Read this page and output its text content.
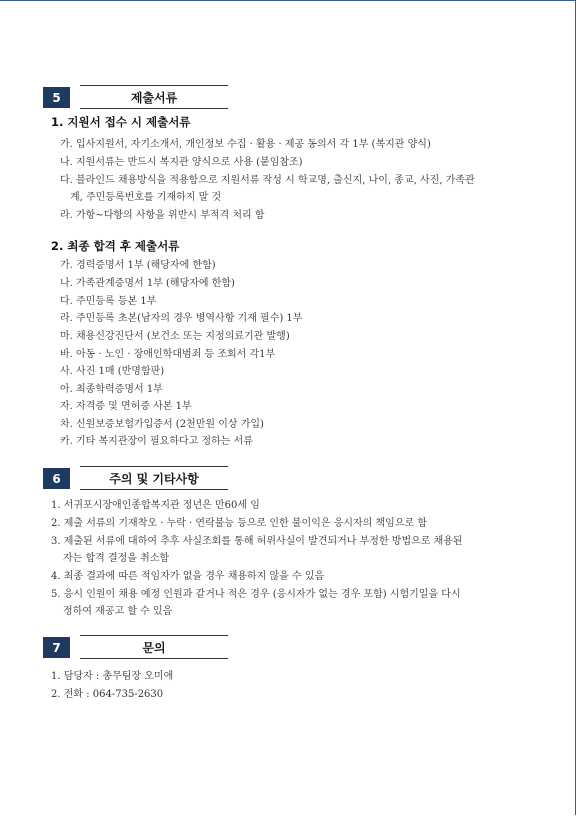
5	제출서류
1. 지원서 접수 시 제출서류
가. 입사지원서, 자기소개서, 개인정보 수집 · 활용 · 제공 동의서 각 1부 (복지관 양식)
나. 지원서류는 반드시 복지관 양식으로 사용 (붙임참조)
다. 블라인드 채용방식을 적용함으로 지원서류 작성 시 학교명, 출신지, 나이, 종교, 사진, 가족관
계, 주민등록번호를 기재하지 말 것
라. 가항~다항의 사항을 위반시 부적격 처리 함
2. 최종 합격 후 제출서류
가. 경력증명서 1부 (해당자에 한함)
나. 가족관계증명서 1부 (해당자에 한함)
다. 주민등록 등본 1부
라. 주민등록 초본(남자의 경우 병역사항 기재 필수) 1부
마. 채용신강진단서 (보건소 또는 지정의료기관 발행)
바. 아동 · 노인 · 장애인학대범죄 등 조회서 각1부
사. 사진 1매 (반명함판)
아. 최종학력증명서 1부
자. 자격증 및 면허증 사본 1부
차. 신원보증보험가입증서 (2천만원 이상 가입)
카. 기타 복지관장이 필요하다고 정하는 서류
6	주의 및 기타사항
1. 서귀포시장애인종합복지관 정년은 만60세 임
2. 제출 서류의 기재착오 · 누락 · 연락불능 등으로 인한 불이익은 응시자의 책임으로 함
3. 제출된 서류에 대하여 추후 사실조회를 통해 허위사실이 발견되거나 부정한 방법으로 채용된
자는 합격 결정을 취소함
4. 최종 결과에 따른 적임자가 없을 경우 채용하지 않을 수 있음
5. 응시 인원이 채용 예정 인원과 같거나 적은 경우 (응시자가 없는 경우 포함) 시험기일을 다시
정하여 재공고 할 수 있음
7	문의
1. 담당자 : 총무팀장 오미애
2. 전화 : 064-735-2630
